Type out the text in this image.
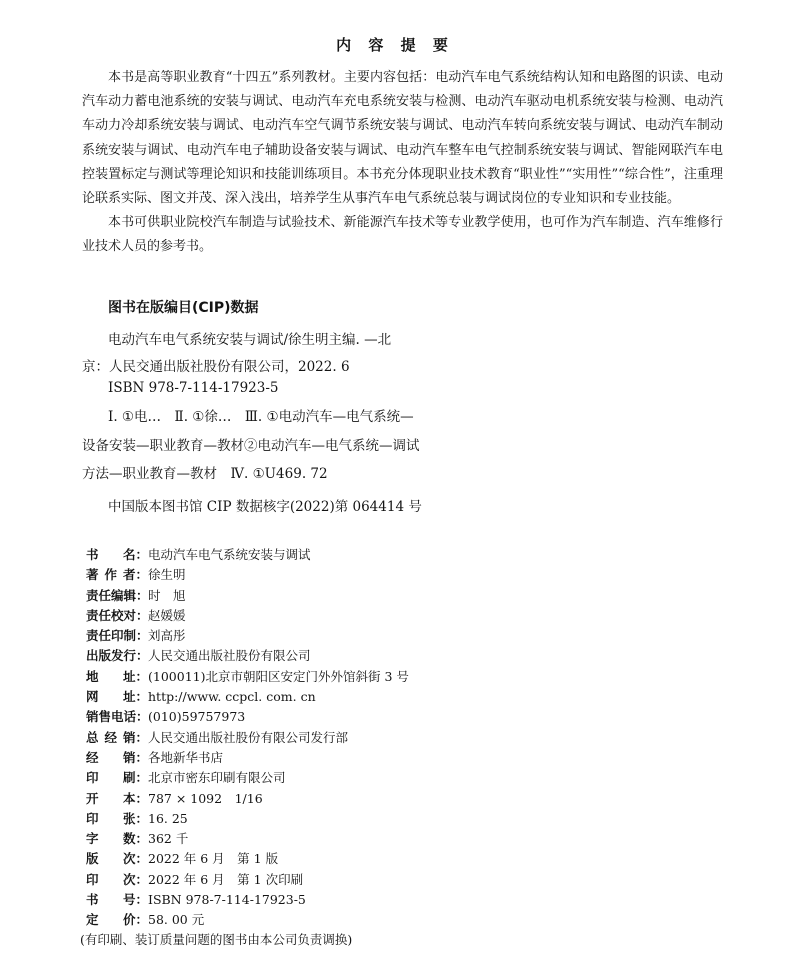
内 容 提 要

本书是高等职业教育“十四五”系列教材。主要内容包括：电动汽车电气系统结构认知和电路图的识读、电动汽车动力蓄电池系统的安装与调试、电动汽车充电系统安装与检测、电动汽车驱动电机系统安装与检测、电动汽车动力冷却系统安装与调试、电动汽车空气调节系统安装与调试、电动汽车转向系统安装与调试、电动汽车制动系统安装与调试、电动汽车电子辅助设备安装与调试、电动汽车整车电气控制系统安装与调试、智能网联汽车电控装置标定与测试等理论知识和技能训练项目。本书充分体现职业技术教育“职业性”“实用性”“综合性”，注重理论联系实际、图文并茂、深入浅出，培养学生从事汽车电气系统总装与调试岗位的专业知识和专业技能。

本书可供职业院校汽车制造与试验技术、新能源汽车技术等专业教学使用，也可作为汽车制造、汽车维修行业技术人员的参考书。

图书在版编目(CIP)数据
电动汽车电气系统安装与调试/徐生明主编. —北
京：人民交通出版社股份有限公司，2022. 6
ISBN 978-7-114-17923-5
Ⅰ. ①电…　Ⅱ. ①徐…　Ⅲ. ①电动汽车—电气系统—
设备安装—职业教育—教材②电动汽车—电气系统—调试
方法—职业教育—教材　Ⅳ. ①U469. 72
中国版本图书馆 CIP 数据核字(2022)第 064414 号
书 名： 电动汽车电气系统安装与调试
著 作 者： 徐生明
责 任 编 辑： 时　旭
责 任 校 对： 赵媛媛
责 任 印 制： 刘高彤
出 版 发 行： 人民交通出版社股份有限公司
地 址： (100011)北京市朝阳区安定门外外馆斜街 3 号
网 址： http://www. ccpcl. com. cn
销 售 电 话： (010)59757973
总 经 销： 人民交通出版社股份有限公司发行部
经 销： 各地新华书店
印 刷： 北京市密东印刷有限公司
开 本： 787 × 1092　1/16
印 张： 16. 25
字 数： 362 千
版 次： 2022 年 6 月　第 1 版
印 次： 2022 年 6 月　第 1 次印刷
书 号： ISBN 978-7-114-17923-5
定 价： 58. 00 元
(有印刷、装订质量问题的图书由本公司负责调换)
